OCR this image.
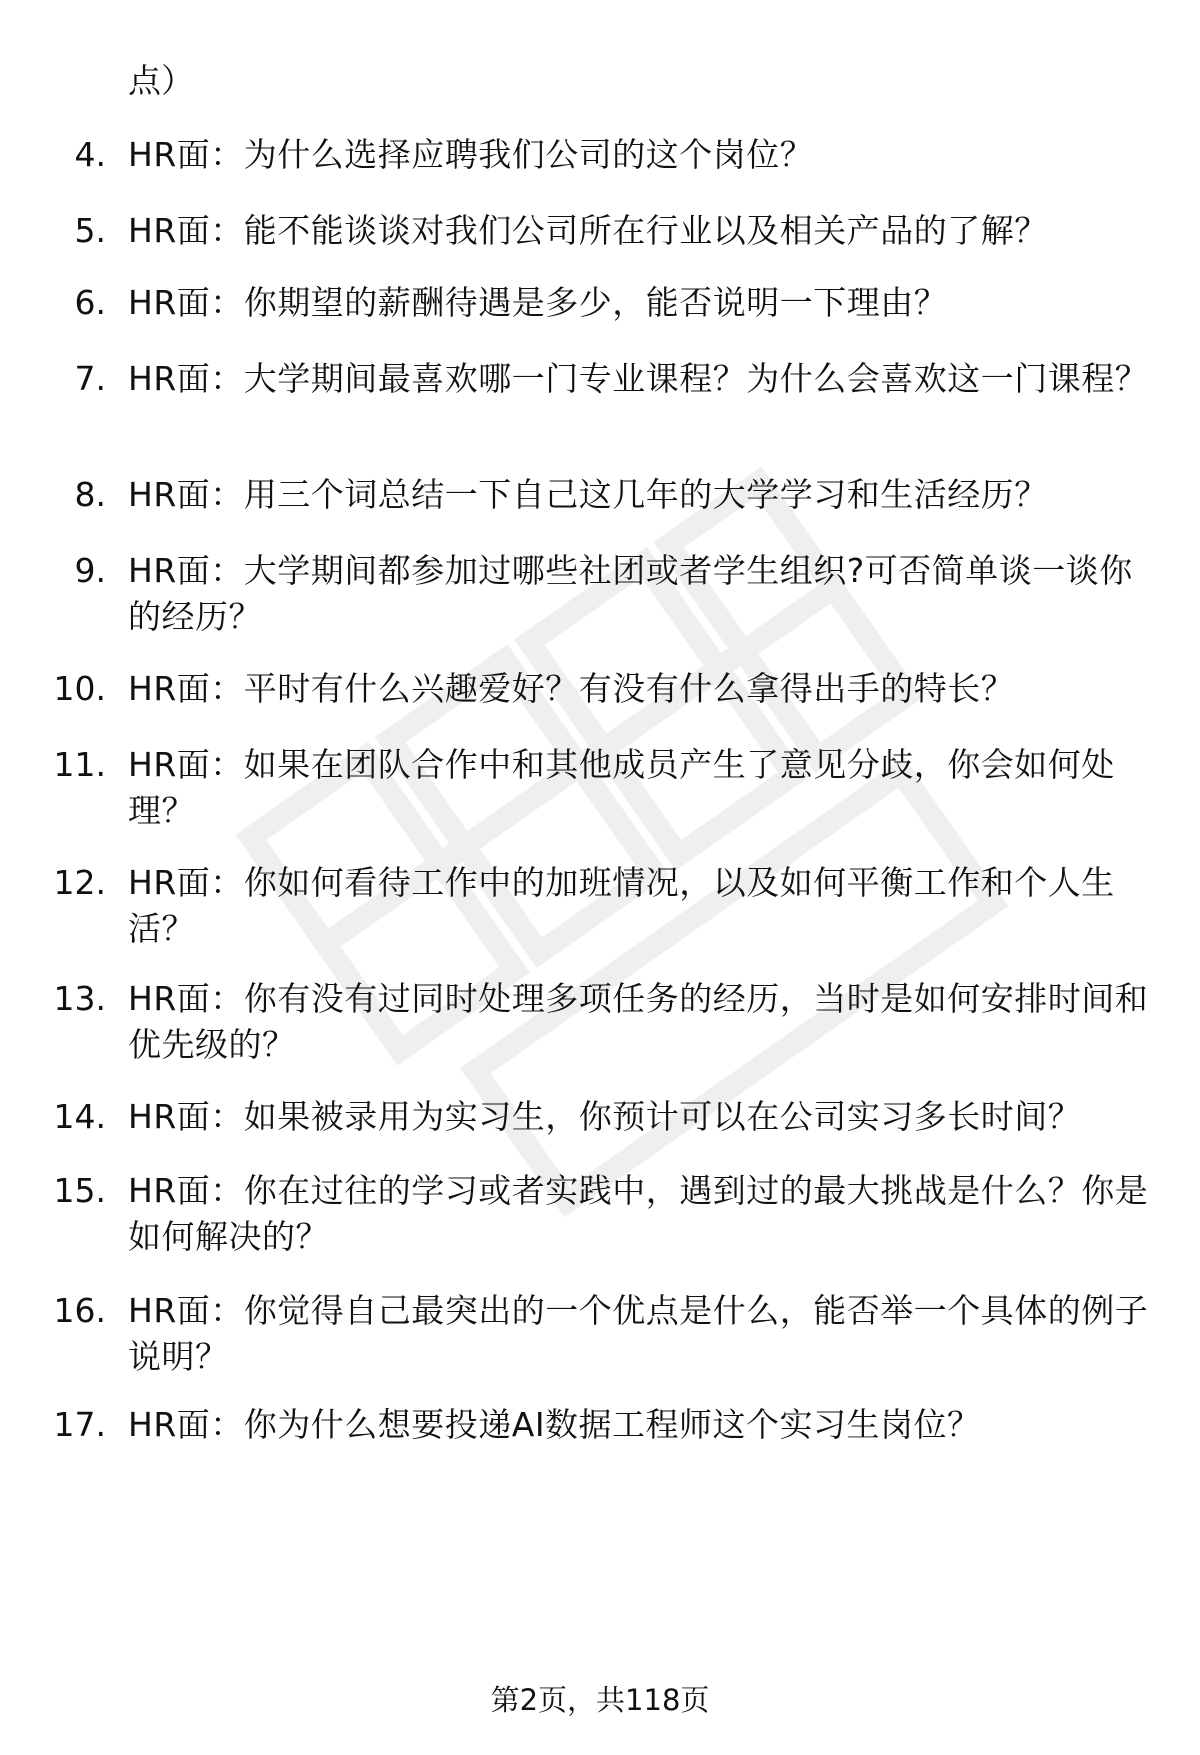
点）
4. HR面：为什么选择应聘我们公司的这个岗位？
5. HR面：能不能谈谈对我们公司所在行业以及相关产品的了解？
6. HR面：你期望的薪酬待遇是多少，能否说明一下理由？
7. HR面：大学期间最喜欢哪一门专业课程？为什么会喜欢这一门课程？
8. HR面：用三个词总结一下自己这几年的大学学习和生活经历？
9. HR面：大学期间都参加过哪些社团或者学生组织?可否简单谈一谈你的经历？
10. HR面：平时有什么兴趣爱好？有没有什么拿得出手的特长？
11. HR面：如果在团队合作中和其他成员产生了意见分歧，你会如何处理？
12. HR面：你如何看待工作中的加班情况，以及如何平衡工作和个人生活？
13. HR面：你有没有过同时处理多项任务的经历，当时是如何安排时间和优先级的？
14. HR面：如果被录用为实习生，你预计可以在公司实习多长时间？
15. HR面：你在过往的学习或者实践中，遇到过的最大挑战是什么？你是如何解决的？
16. HR面：你觉得自己最突出的一个优点是什么，能否举一个具体的例子说明？
17. HR面：你为什么想要投递AI数据工程师这个实习生岗位？
第2页，共118页
